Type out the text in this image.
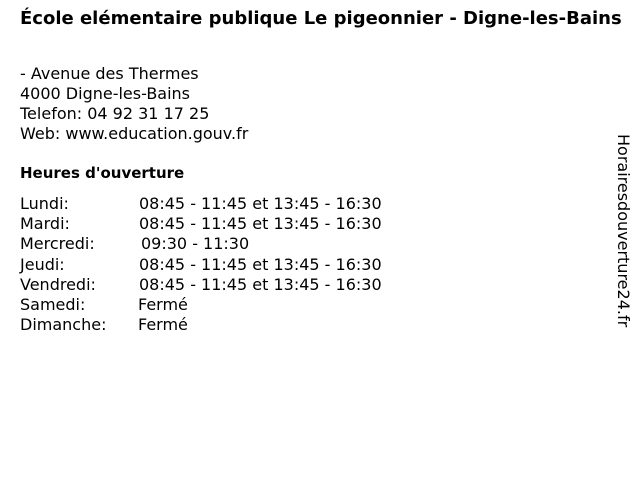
École elémentaire publique Le pigeonnier - Digne-les-Bains
- Avenue des Thermes
4000 Digne-les-Bains
Telefon: 04 92 31 17 25
Web: www.education.gouv.fr
Heures d'ouverture
Lundi:	08:45 - 11:45 et 13:45 - 16:30
Mardi:	08:45 - 11:45 et 13:45 - 16:30
Mercredi:	09:30 - 11:30
Jeudi:	08:45 - 11:45 et 13:45 - 16:30
Vendredi:	08:45 - 11:45 et 13:45 - 16:30
Samedi:	Fermé
Dimanche: Fermé	Horairesdouverture24.fr
